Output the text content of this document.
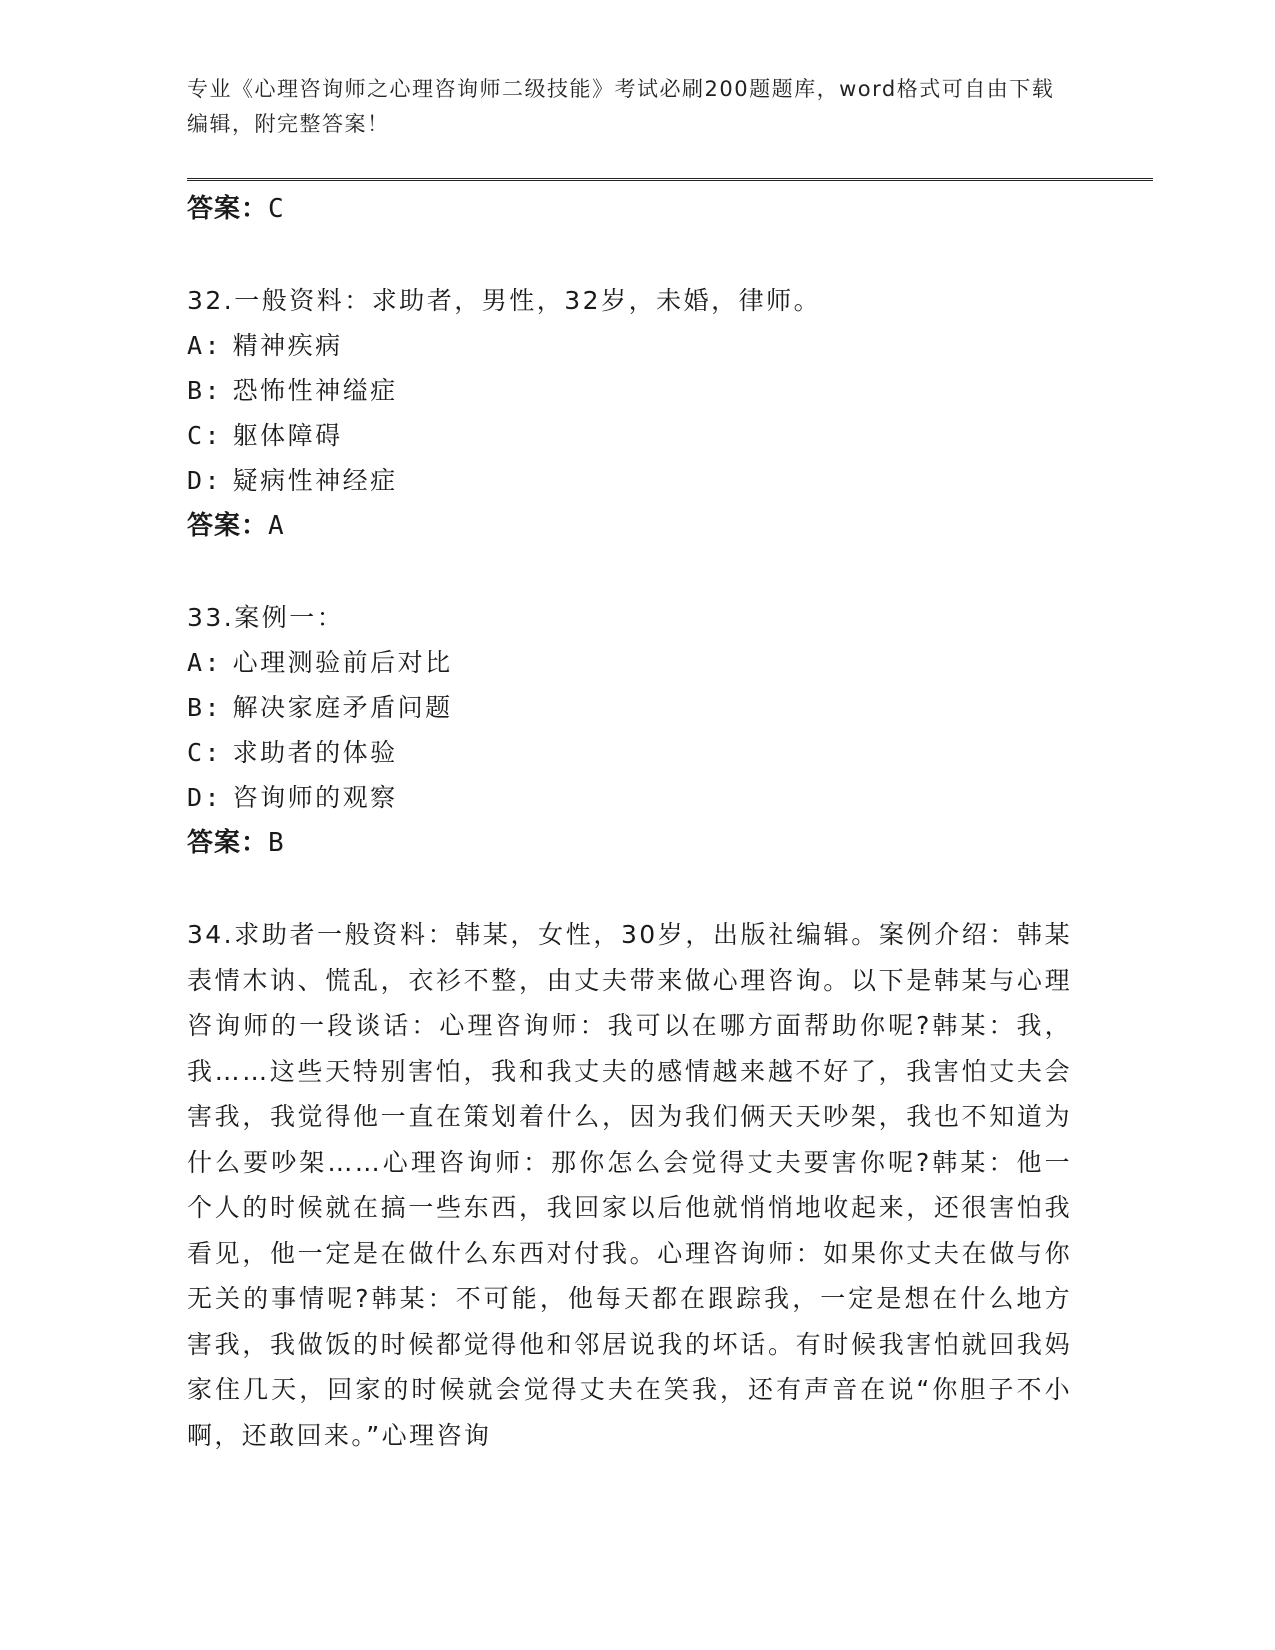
专业《心理咨询师之心理咨询师二级技能》考试必刷200题题库，word格式可自由下载编辑，附完整答案！
答案：C
32.一般资料：求助者，男性，32岁，未婚，律师。
A: 精神疾病
B: 恐怖性神缢症
C: 躯体障碍
D: 疑病性神经症
答案：A
33.案例一：
A: 心理测验前后对比
B: 解决家庭矛盾问题
C: 求助者的体验
D: 咨询师的观察
答案：B
34.求助者一般资料：韩某，女性，30岁，出版社编辑。案例介绍：韩某表情木讷、慌乱，衣衫不整，由丈夫带来做心理咨询。以下是韩某与心理咨询师的一段谈话：心理咨询师：我可以在哪方面帮助你呢?韩某：我，我……这些天特别害怕，我和我丈夫的感情越来越不好了，我害怕丈夫会害我，我觉得他一直在策划着什么，因为我们俩天天吵架，我也不知道为什么要吵架……心理咨询师：那你怎么会觉得丈夫要害你呢?韩某：他一个人的时候就在搞一些东西，我回家以后他就悄悄地收起来，还很害怕我看见，他一定是在做什么东西对付我。心理咨询师：如果你丈夫在做与你无关的事情呢?韩某：不可能，他每天都在跟踪我，一定是想在什么地方害我，我做饭的时候都觉得他和邻居说我的坏话。有时候我害怕就回我妈家住几天，回家的时候就会觉得丈夫在笑我，还有声音在说“你胆子不小啊，还敢回来。”心理咨询
